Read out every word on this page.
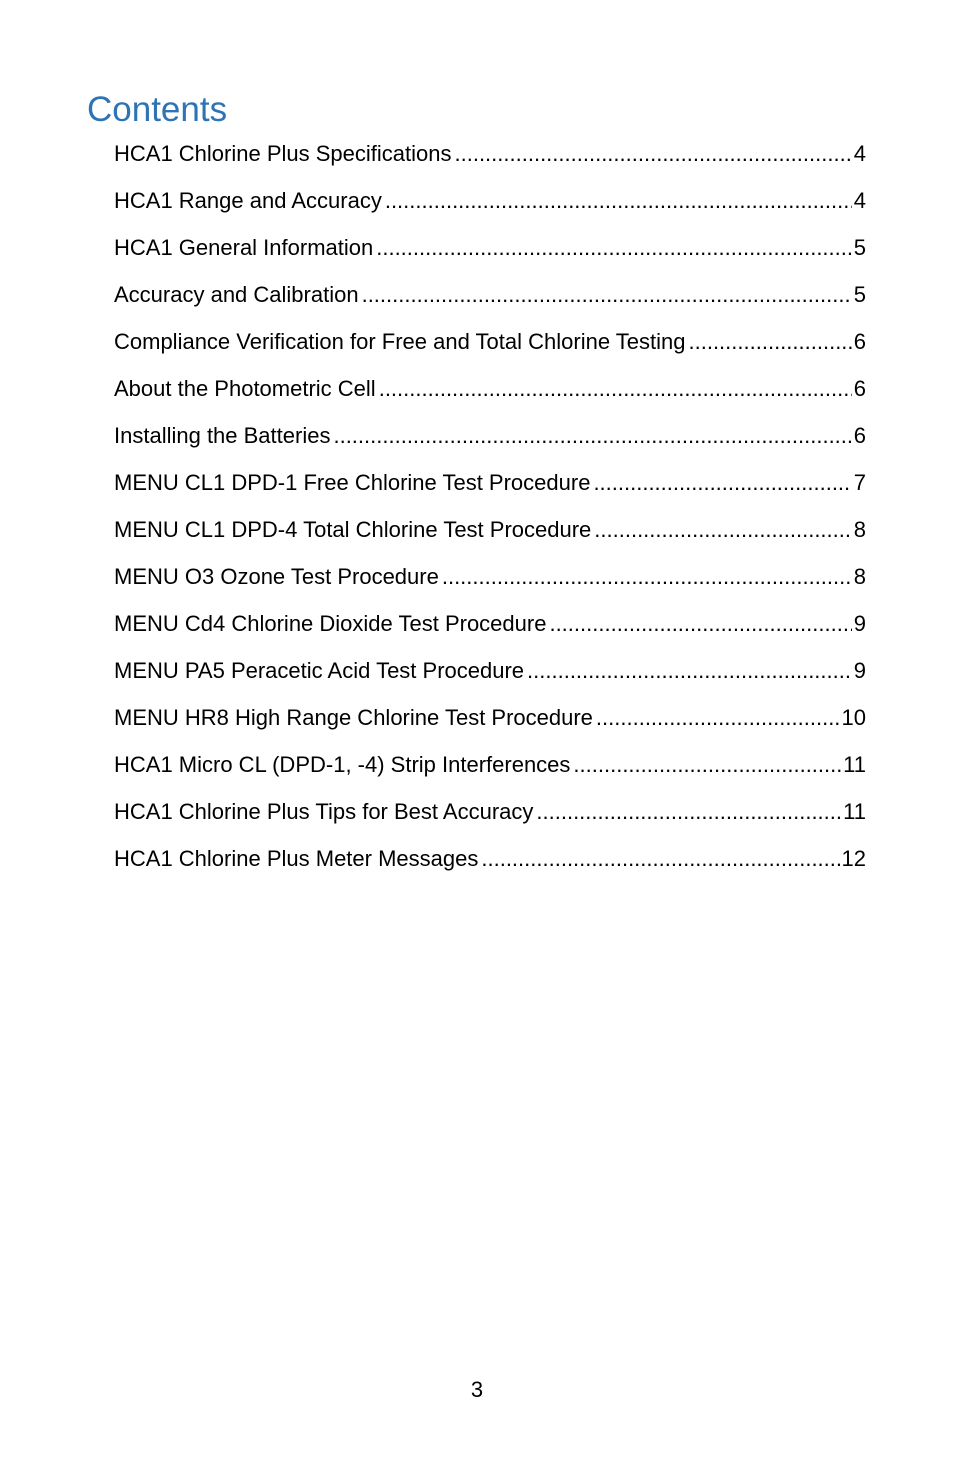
Contents
HCA1 Chlorine Plus Specifications .....	4
HCA1 Range and Accuracy .....	4
HCA1 General Information .....	5
Accuracy and Calibration .....	5
Compliance Verification for Free and Total Chlorine Testing .....	6
About the Photometric Cell .....	6
Installing the Batteries .....	6
MENU CL1 DPD-1 Free Chlorine Test Procedure .....	7
MENU CL1 DPD-4 Total Chlorine Test Procedure .....	8
MENU O3 Ozone Test Procedure .....	8
MENU Cd4 Chlorine Dioxide Test Procedure .....	9
MENU PA5 Peracetic Acid Test Procedure .....	9
MENU HR8 High Range Chlorine Test Procedure .....	10
HCA1 Micro CL (DPD-1, -4) Strip Interferences .....	11
HCA1 Chlorine Plus Tips for Best Accuracy .....	11
HCA1 Chlorine Plus Meter Messages .....	12
3
